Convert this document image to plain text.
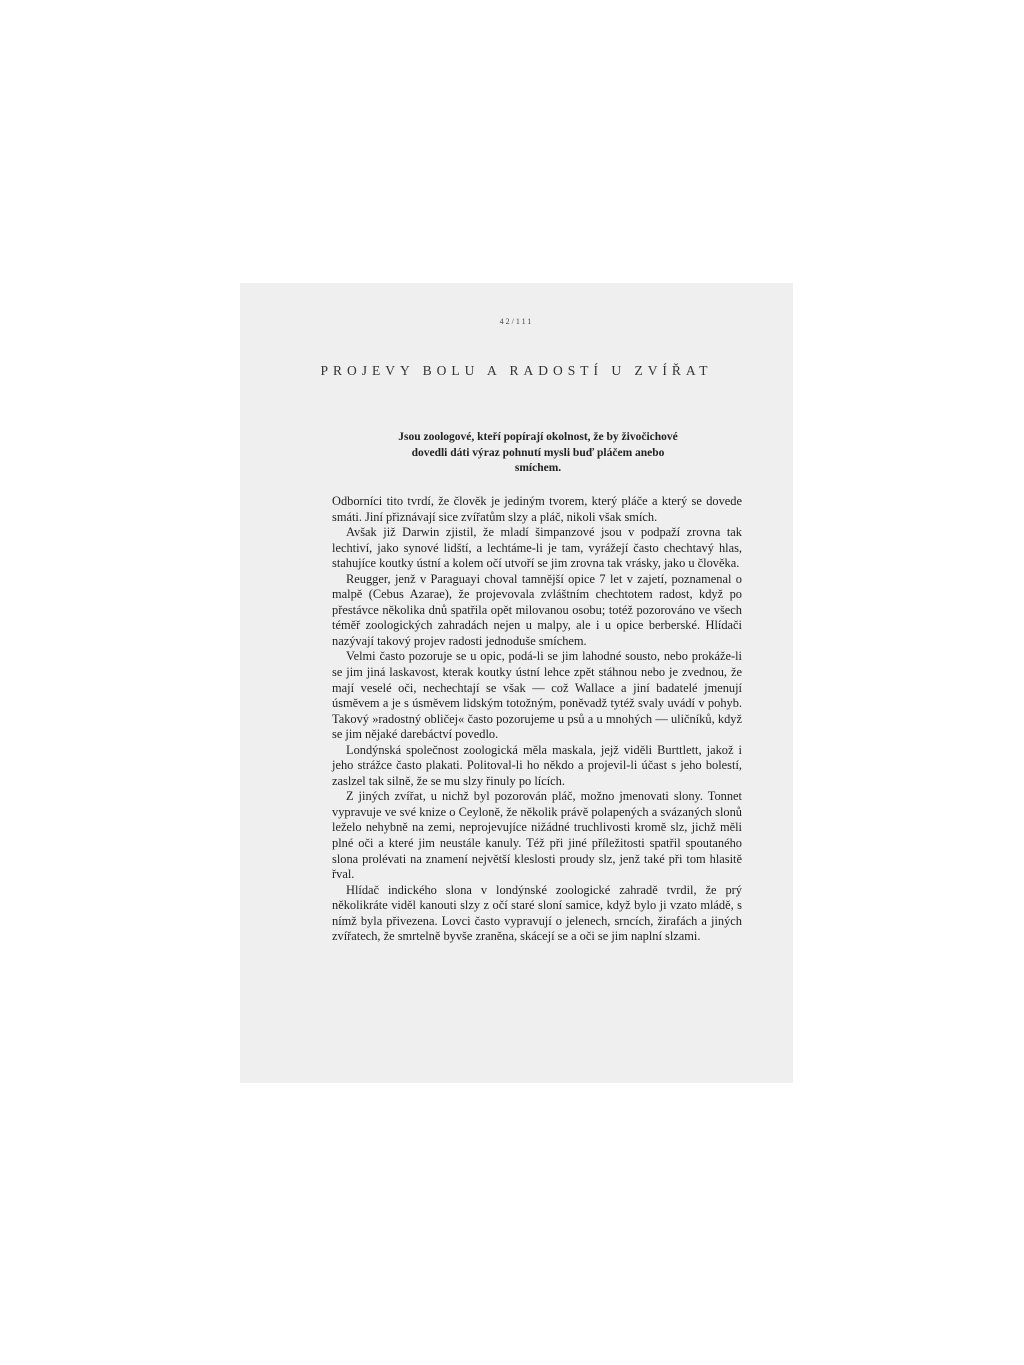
42/111
PROJEVY BOLU A RADOSTÍ U ZVÍŘAT

Jsou zoologové, kteří popírají okolnost, že by živočichové dovedli dáti výraz pohnutí mysli buď pláčem anebo smíchem.

Odborníci tito tvrdí, že člověk je jediným tvorem, který pláče a který se dovede smáti. Jiní přiznávají sice zvířatům slzy a pláč, nikoli však smích.

Avšak již Darwin zjistil, že mladí šimpanzové jsou v podpaží zrovna tak lechtiví, jako synové lidští, a lechtáme-li je tam, vyrážejí často chechtavý hlas, stahujíce koutky ústní a kolem očí utvoří se jim zrovna tak vrásky, jako u člověka.

Reugger, jenž v Paraguayi choval tamnější opice 7 let v zajetí, poznamenal o malpě (Cebus Azarae), že projevovala zvláštním chechtotem radost, když po přestávce několika dnů spatřila opět milovanou osobu; totéž pozorováno ve všech téměř zoologických zahradách nejen u malpy, ale i u opice berberské. Hlídači nazývají takový projev radosti jednoduše smíchem.

Velmi často pozoruje se u opic, podá-li se jim lahodné sousto, nebo prokáže-li se jim jiná laskavost, kterak koutky ústní lehce zpět stáhnou nebo je zvednou, že mají veselé oči, nechechtají se však — což Wallace a jiní badatelé jmenují úsměvem a je s úsměvem lidským totožným, poněvadž tytéž svaly uvádí v pohyb. Takový »radostný obličej« často pozorujeme u psů a u mnohých — uličníků, když se jim nějaké darebáctví povedlo.

Londýnská společnost zoologická měla maskala, jejž viděli Burttlett, jakož i jeho strážce často plakati. Politoval-li ho někdo a projevil-li účast s jeho bolestí, zaslzel tak silně, že se mu slzy řinuly po lících.

Z jiných zvířat, u nichž byl pozorován pláč, možno jmenovati slony. Tonnet vypravuje ve své knize o Ceyloně, že několik právě polapených a svázaných slonů leželo nehybně na zemi, neprojevujíce nižádné truchlivosti kromě slz, jichž měli plné oči a které jim neustále kanuly. Též při jiné příležitosti spatřil spoutaného slona prolévati na znamení největší kleslosti proudy slz, jenž také při tom hlasitě řval.

Hlídač indického slona v londýnské zoologické zahradě tvrdil, že prý několikráte viděl kanouti slzy z očí staré sloní samice, když bylo ji vzato mládě, s nímž byla přivezena. Lovci často vypravují o jelenech, srncích, žirafách a jiných zvířatech, že smrtelně byvše zraněna, skácejí se a oči se jim naplní slzami.
